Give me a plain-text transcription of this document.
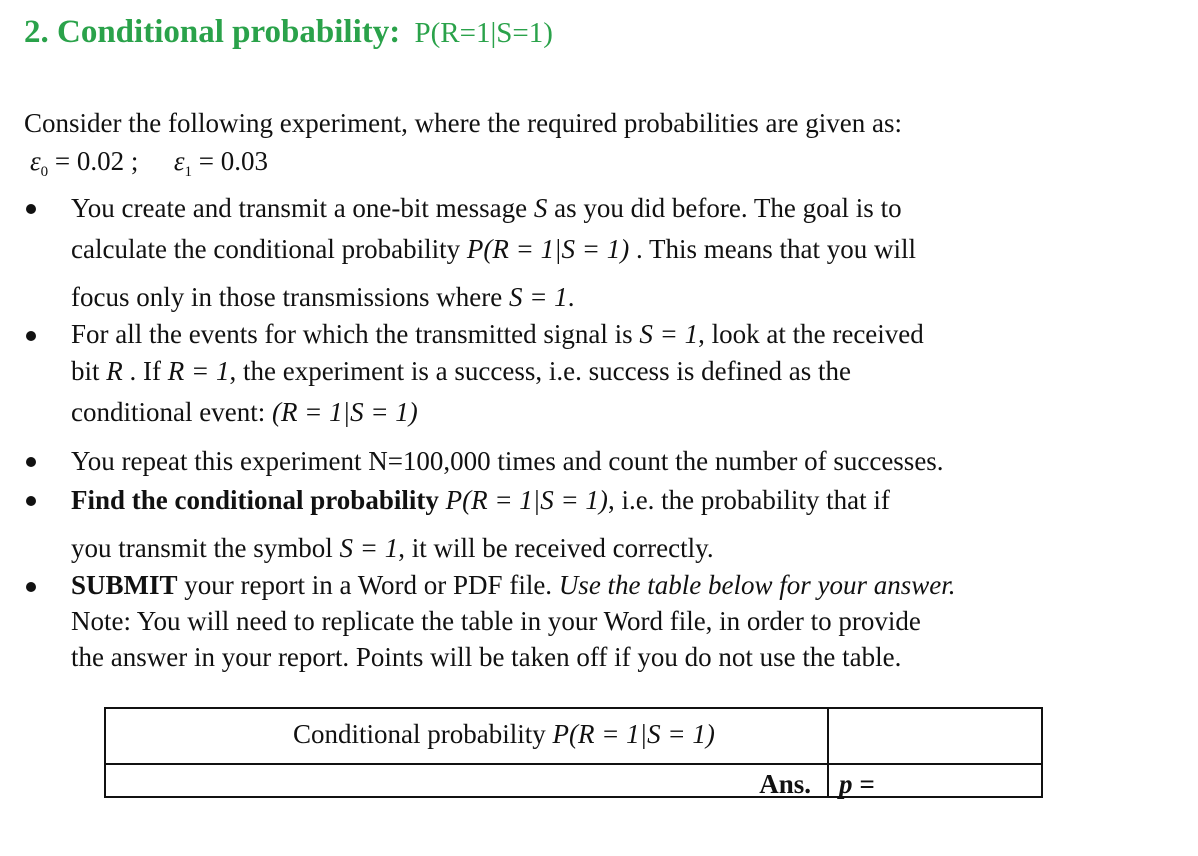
2. Conditional probability: P(R=1|S=1)
Consider the following experiment, where the required probabilities are given as:
$\varepsilon_0 = 0.02$ ; $\varepsilon_1 = 0.03$
You create and transmit a one-bit message S as you did before. The goal is to
calculate the conditional probability P(R = 1|S = 1) . This means that you will
focus only in those transmissions where S = 1.
For all the events for which the transmitted signal is S = 1, look at the received
bit R . If R = 1, the experiment is a success, i.e. success is defined as the
conditional event: (R = 1|S = 1)
You repeat this experiment N=100,000 times and count the number of successes.
Find the conditional probability P(R = 1|S = 1), i.e. the probability that if
you transmit the symbol S = 1, it will be received correctly.
SUBMIT your report in a Word or PDF file. Use the table below for your answer.
Note: You will need to replicate the table in your Word file, in order to provide
the answer in your report. Points will be taken off if you do not use the table.
Conditional probability P(R = 1|S = 1)
Ans. p =
